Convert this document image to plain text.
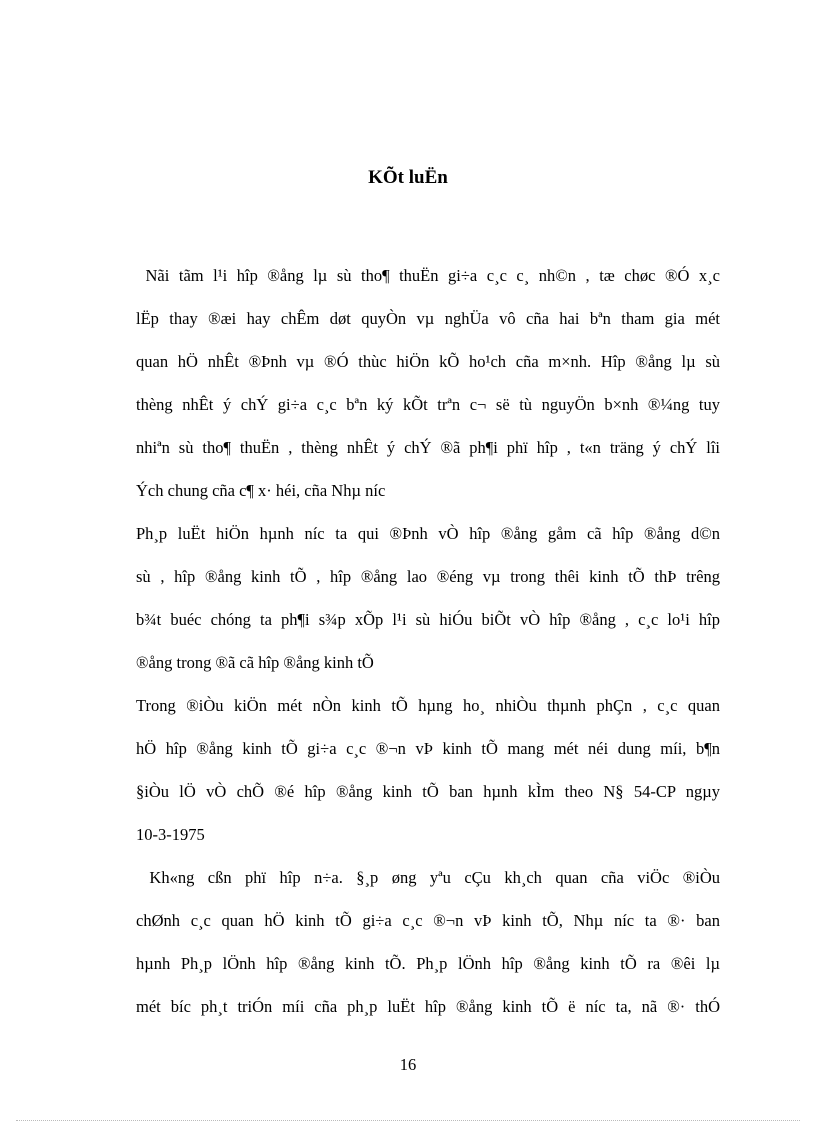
KÕt luËn
Nãi tãm l¹i hîp ®ång lµ sù tho¶ thuËn gi÷a c¸c c¸ nh©n , tæ chøc ®Ó x¸c
lËp thay ®æi hay chÊm døt quyÒn vµ nghÜa vô cña hai bªn tham gia mét
quan hÖ nhÊt ®Þnh vµ ®Ó thùc hiÖn kÕ ho¹ch cña m×nh. Hîp ®ång lµ sù
thèng nhÊt ý chÝ gi÷a c¸c bªn ký kÕt trªn c¬ së tù nguyÖn b×nh ®¼ng tuy
nhiªn sù tho¶ thuËn , thèng nhÊt ý chÝ ®ã ph¶i phï hîp , t«n träng ý chÝ lîi
Ých chung cña c¶ x· héi, cña Nhµ níc
Ph¸p luËt hiÖn hµnh níc ta qui ®Þnh vÒ hîp ®ång gåm cã hîp ®ång d©n
sù , hîp ®ång kinh tÕ , hîp ®ång lao ®éng vµ trong thêi kinh tÕ thÞ trêng
b¾t buéc chóng ta ph¶i s¾p xÕp l¹i sù hiÓu biÕt vÒ hîp ®ång , c¸c lo¹i hîp
®ång trong ®ã cã hîp ®ång kinh tÕ
Trong ®iÒu kiÖn mét nÒn kinh tÕ hµng ho¸ nhiÒu thµnh phÇn , c¸c quan
hÖ hîp ®ång kinh tÕ gi÷a c¸c ®¬n vÞ kinh tÕ mang mét néi dung míi, b¶n
§iÒu lÖ vÒ chÕ ®é hîp ®ång kinh tÕ ban hµnh kÌm theo N§ 54-CP ngµy
10-3-1975
Kh«ng cßn phï hîp n÷a. §¸p øng yªu cÇu kh¸ch quan cña viÖc ®iÒu
chØnh c¸c quan hÖ kinh tÕ gi÷a c¸c ®¬n vÞ kinh tÕ, Nhµ níc ta ®· ban
hµnh Ph¸p lÖnh hîp ®ång kinh tÕ. Ph¸p lÖnh hîp ®ång kinh tÕ ra ®êi lµ
mét bíc ph¸t triÓn míi cña ph¸p luËt hîp ®ång kinh tÕ ë níc ta, nã ®· thÓ
16
